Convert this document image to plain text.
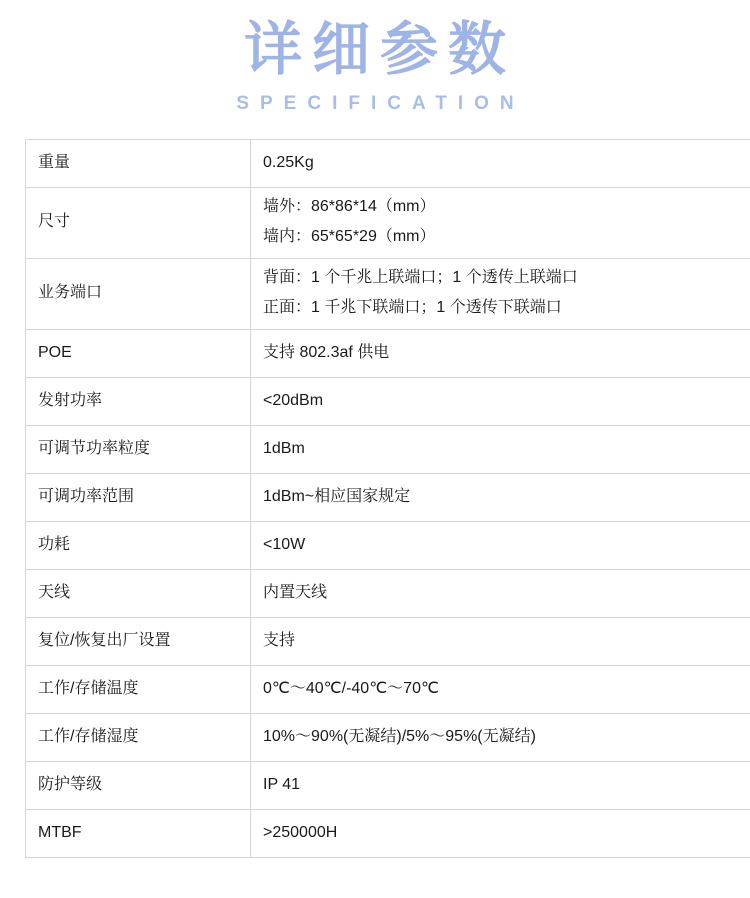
详细参数
SPECIFICATION
重量	0.25Kg

尺寸	墙外：86*86*14（mm）
墙内：65*65*29（mm）

业务端口	背面：1 个千兆上联端口；1 个透传上联端口
正面：1 千兆下联端口；1 个透传下联端口

POE	支持 802.3af 供电

发射功率	<20dBm

可调节功率粒度	1dBm

可调功率范围	1dBm~相应国家规定

功耗	<10W

天线	内置天线

复位/恢复出厂设置	支持

工作/存储温度	0℃～40℃/-40℃～70℃

工作/存储湿度	10%～90%(无凝结)/5%～95%(无凝结)

防护等级	IP 41

MTBF	>250000H
